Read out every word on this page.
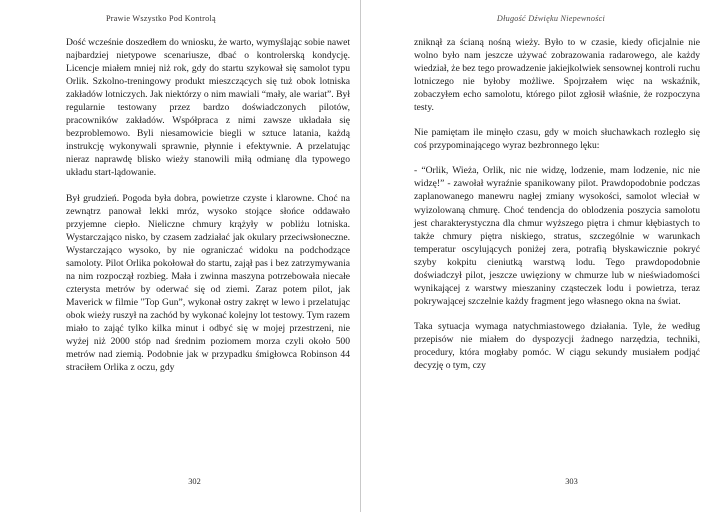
Prawie Wszystko Pod Kontrolą

Dość wcześnie doszedłem do wniosku, że warto, wymyślając sobie nawet najbardziej nietypowe scenariusze, dbać o kontrolerską kondycję. Licencje miałem mniej niż rok, gdy do startu szykował się samolot typu Orlik. Szkolno-treningowy produkt mieszczących się tuż obok lotniska zakładów lotniczych. Jak niektórzy o nim mawiali “mały, ale wariat”. Był regularnie testowany przez bardzo doświadczonych pilotów, pracowników zakładów. Współpraca z nimi zawsze układała się bezproblemowo. Byli niesamowicie biegli w sztuce latania, każdą instrukcję wykonywali sprawnie, płynnie i efektywnie. A przelatując nieraz naprawdę blisko wieży stanowili miłą odmianę dla typowego układu start-lądowanie.

Był grudzień. Pogoda była dobra, powietrze czyste i klarowne. Choć na zewnątrz panował lekki mróz, wysoko stojące słońce oddawało przyjemne ciepło. Nieliczne chmury krążyły w pobliżu lotniska. Wystarczająco nisko, by czasem zadziałać jak okulary przeciwsłoneczne. Wystarczająco wysoko, by nie ograniczać widoku na podchodzące samoloty. Pilot Orlika pokołował do startu, zajął pas i bez zatrzymywania na nim rozpoczął rozbieg. Mała i zwinna maszyna potrzebowała niecałe czterysta metrów by oderwać się od ziemi. Zaraz potem pilot, jak Maverick w filmie "Top Gun”, wykonał ostry zakręt w lewo i przelatując obok wieży ruszył na zachód by wykonać kolejny lot testowy. Tym razem miało to zająć tylko kilka minut i odbyć się w mojej przestrzeni, nie wyżej niż 2000 stóp nad średnim poziomem morza czyli około 500 metrów nad ziemią. Podobnie jak w przypadku śmigłowca Robinson 44 straciłem Orlika z oczu, gdy

302
Długość Dźwięku Niepewności

zniknął za ścianą nośną wieży. Było to w czasie, kiedy oficjalnie nie wolno było nam jeszcze używać zobrazowania radarowego, ale każdy wiedział, że bez tego prowadzenie jakiejkolwiek sensownej kontroli ruchu lotniczego nie byłoby możliwe. Spojrzałem więc na wskaźnik, zobaczyłem echo samolotu, którego pilot zgłosił właśnie, że rozpoczyna testy.

Nie pamiętam ile minęło czasu, gdy w moich słuchawkach rozległo się coś przypominającego wyraz bezbronnego lęku:

- “Orlik, Wieża, Orlik, nic nie widzę, lodzenie, mam lodzenie, nic nie widzę!” - zawołał wyraźnie spanikowany pilot. Prawdopodobnie podczas zaplanowanego manewru nagłej zmiany wysokości, samolot wleciał w wyizolowaną chmurę. Choć tendencja do oblodzenia poszycia samolotu jest charakterystyczna dla chmur wyższego piętra i chmur kłębiastych to także chmury piętra niskiego, stratus, szczególnie w warunkach temperatur oscylujących poniżej zera, potrafią błyskawicznie pokryć szyby kokpitu cieniutką warstwą lodu. Tego prawdopodobnie doświadczył pilot, jeszcze uwięziony w chmurze lub w nieświadomości wynikającej z warstwy mieszaniny cząsteczek lodu i powietrza, teraz pokrywającej szczelnie każdy fragment jego własnego okna na świat.

Taka sytuacja wymaga natychmiastowego działania. Tyle, że według przepisów nie miałem do dyspozycji żadnego narzędzia, techniki, procedury, która mogłaby pomóc. W ciągu sekundy musiałem podjąć decyzję o tym, czy

303
